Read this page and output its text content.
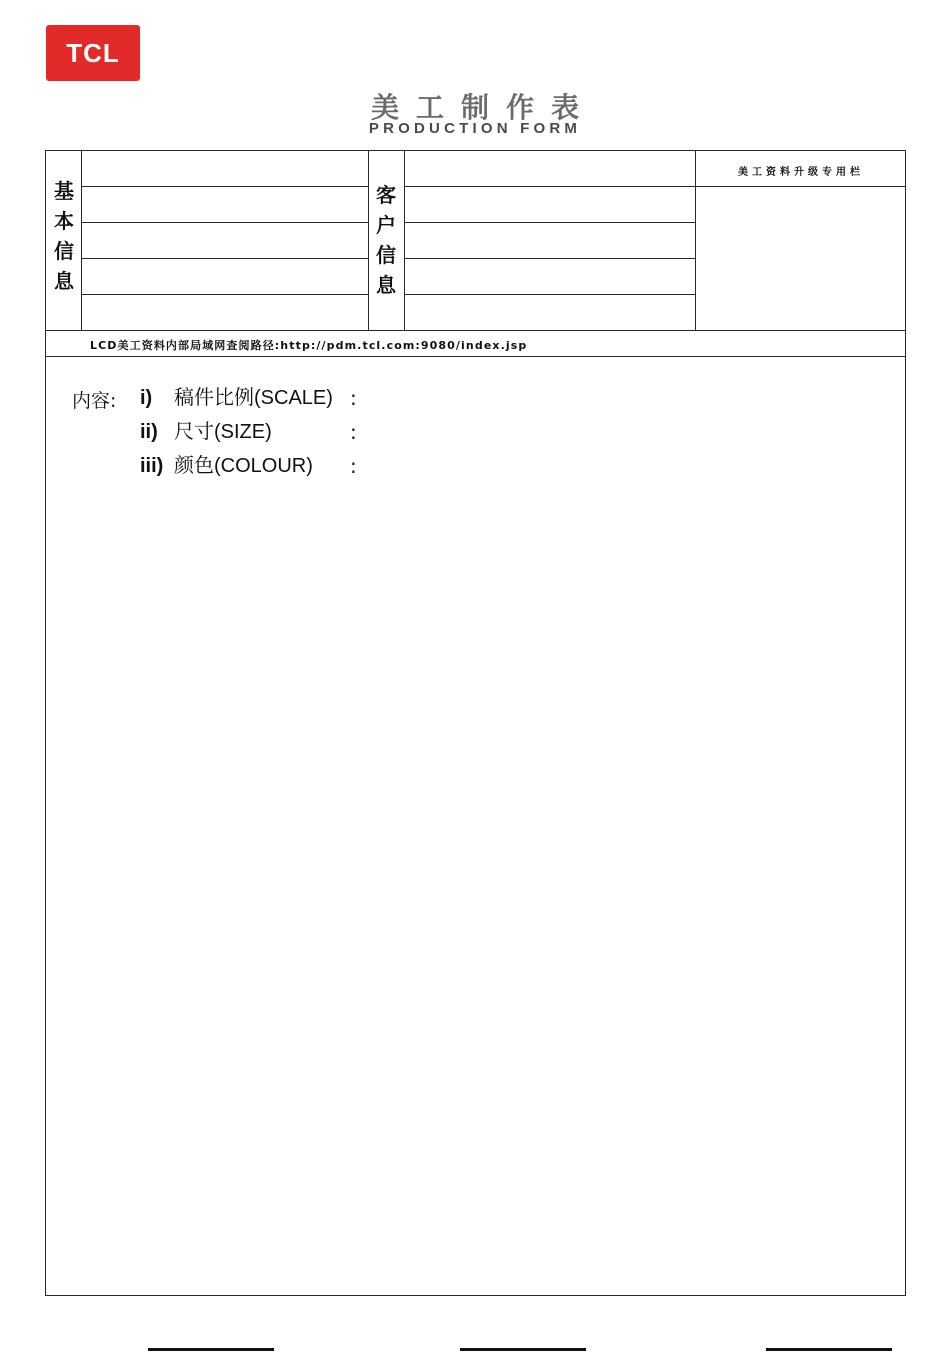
TCL
美工制作表
PRODUCTION FORM
基
本
信
息
客
户
信
息
美工资料升级专用栏
LCD美工资料内部局域网查阅路径:http://pdm.tcl.com:9080/index.jsp
内容: i) 稿件比例(SCALE) :
ii) 尺寸(SIZE)	:
iii) 颜色(COLOUR) :
